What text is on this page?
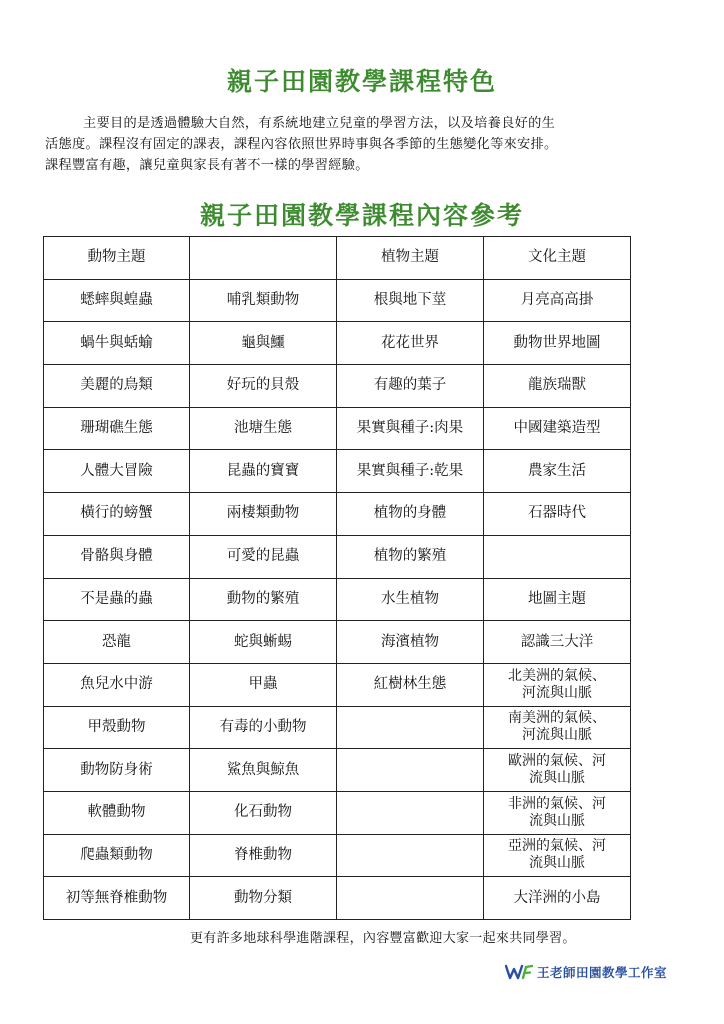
親子田園教學課程特色

主要目的是透過體驗大自然，有系統地建立兒童的學習方法，以及培養良好的生

活態度。課程沒有固定的課表，課程內容依照世界時事與各季節的生態變化等來安排。

課程豐富有趣，讓兒童與家長有著不一樣的學習經驗。

親子田園教學課程內容參考
動物主題		植物主題	文化主題
蟋蟀與蝗蟲	哺乳類動物	根與地下莖	月亮高高掛
蝸牛與蛞蝓	龜與鱷	花花世界	動物世界地圖
美麗的鳥類	好玩的貝殼	有趣的葉子	龍族瑞獸
珊瑚礁生態	池塘生態	果實與種子:肉果	中國建築造型
人體大冒險	昆蟲的寶寶	果實與種子:乾果	農家生活
橫行的螃蟹	兩棲類動物	植物的身體	石器時代
骨骼與身體	可愛的昆蟲	植物的繁殖	
不是蟲的蟲	動物的繁殖	水生植物	地圖主題
恐龍	蛇與蜥蜴	海濱植物	認識三大洋
魚兒水中游	甲蟲	紅樹林生態	北美洲的氣候、
河流與山脈
甲殼動物	有毒的小動物		南美洲的氣候、
河流與山脈
動物防身術	鯊魚與鯨魚		歐洲的氣候、河
流與山脈
軟體動物	化石動物		非洲的氣候、河
流與山脈
爬蟲類動物	脊椎動物		亞洲的氣候、河
流與山脈
初等無脊椎動物	動物分類		大洋洲的小島
更有許多地球科學進階課程，內容豐富歡迎大家一起來共同學習。
王老師田園教學工作室
